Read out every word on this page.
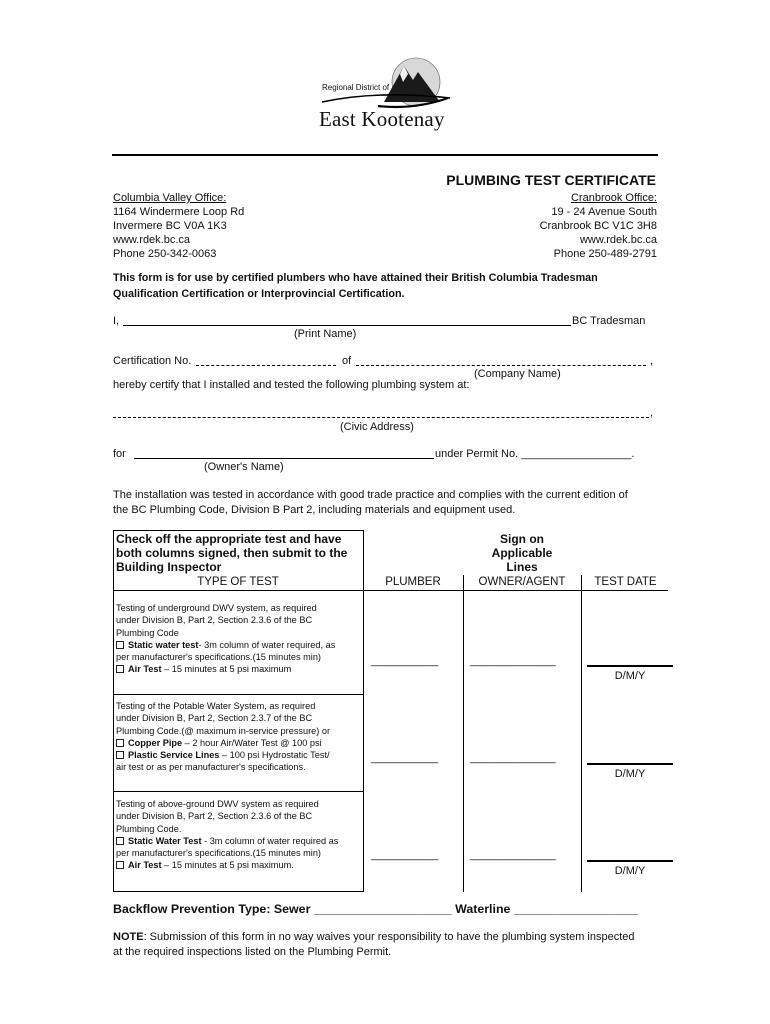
Regional District of
East Kootenay
PLUMBING TEST CERTIFICATE
Columbia Valley Office:
1164 Windermere Loop Rd
Invermere BC V0A 1K3
www.rdek.bc.ca
Phone 250-342-0063
Cranbrook Office:
19 - 24 Avenue South
Cranbrook BC V1C 3H8
www.rdek.bc.ca
Phone 250-489-2791
This form is for use by certified plumbers who have attained their British Columbia Tradesman
Qualification Certification or Interprovincial Certification.
I,	BC Tradesman
(Print Name)
Certification No.	of	,
(Company Name)
hereby certify that I installed and tested the following plumbing system at:
,
(Civic Address)
for	under Permit No. __________________.
(Owner's Name)
The installation was tested in accordance with good trade practice and complies with the current edition of
the BC Plumbing Code, Division B Part 2, including materials and equipment used.
Check off the appropriate test and have
both columns signed, then submit to the
Building Inspector
Sign on
Applicable
Lines
TYPE OF TEST	PLUMBER	OWNER/AGENT	TEST DATE
Testing of underground DWV system, as required
under Division B, Part 2, Section 2.3.6 of the BC
Plumbing Code
Static water test- 3m column of water required, as
per manufacturer's specifications.(15 minutes min)
Air Test – 15 minutes at 5 psi maximum
___________	______________
D/M/Y
Testing of the Potable Water System, as required
under Division B, Part 2, Section 2.3.7 of the BC
Plumbing Code.(@ maximum in-service pressure) or
Copper Pipe – 2 hour Air/Water Test @ 100 psi
Plastic Service Lines – 100 psi Hydrostatic Test/
air test or as per manufacturer's specifications.
___________	______________
D/M/Y
Testing of above-ground DWV system as required
under Division B, Part 2, Section 2.3.6 of the BC
Plumbing Code.
Static Water Test - 3m column of water required as
per manufacturer's specifications.(15 minutes min)
Air Test – 15 minutes at 5 psi maximum.
___________	______________
D/M/Y
Backflow Prevention Type: Sewer ____________________ Waterline __________________
NOTE: Submission of this form in no way waives your responsibility to have the plumbing system inspected
at the required inspections listed on the Plumbing Permit.
